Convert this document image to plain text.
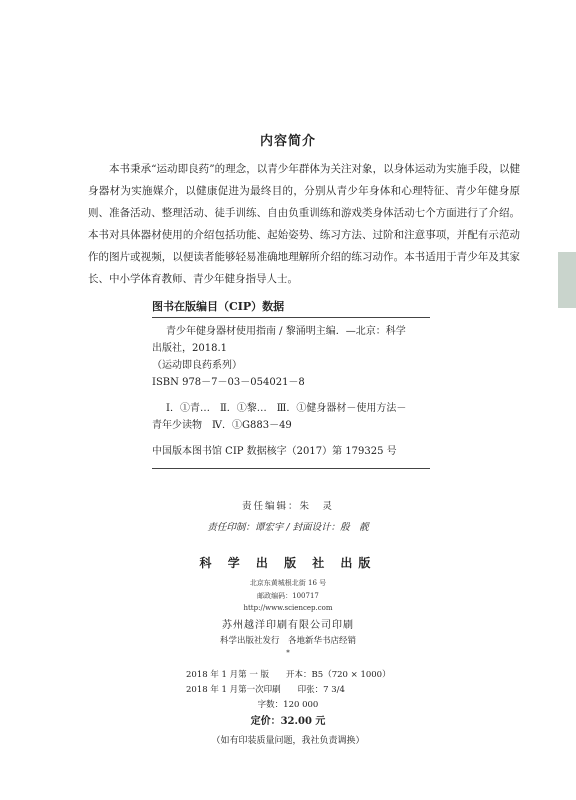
内容简介

本书秉承“运动即良药”的理念，以青少年群体为关注对象，以身体运动为实施手段，以健身器材为实施媒介，以健康促进为最终目的，分别从青少年身体和心理特征、青少年健身原则、准备活动、整理活动、徒手训练、自由负重训练和游戏类身体活动七个方面进行了介绍。本书对具体器材使用的介绍包括功能、起始姿势、练习方法、过阶和注意事项，并配有示范动作的图片或视频，以便读者能够轻易准确地理解所介绍的练习动作。本书适用于青少年及其家长、中小学体育教师、青少年健身指导人士。

图书在版编目（CIP）数据
青少年健身器材使用指南 / 黎涌明主编．—北京：科学
出版社，2018.1
（运动即良药系列）
ISBN 978－7－03－054021－8
Ⅰ．①青…　Ⅱ．①黎…　Ⅲ．①健身器材－使用方法－
青年少读物　Ⅳ．①G883－49
中国版本图书馆 CIP 数据核字（2017）第 179325 号
责任编辑：朱　灵
责任印制：谭宏宇 / 封面设计：殷　靓
科 学 出 版 社 出版
北京东黄城根北街 16 号
邮政编码：100717
http://www.sciencep.com
苏州越洋印刷有限公司印刷
科学出版社发行　各地新华书店经销
*
2018 年 1 月第 一 版　　开本：B5（720 × 1000）
2018 年 1 月第一次印刷　　印张：7 3/4
字数：120 000
定价：32.00 元
（如有印装质量问题，我社负责调换）
